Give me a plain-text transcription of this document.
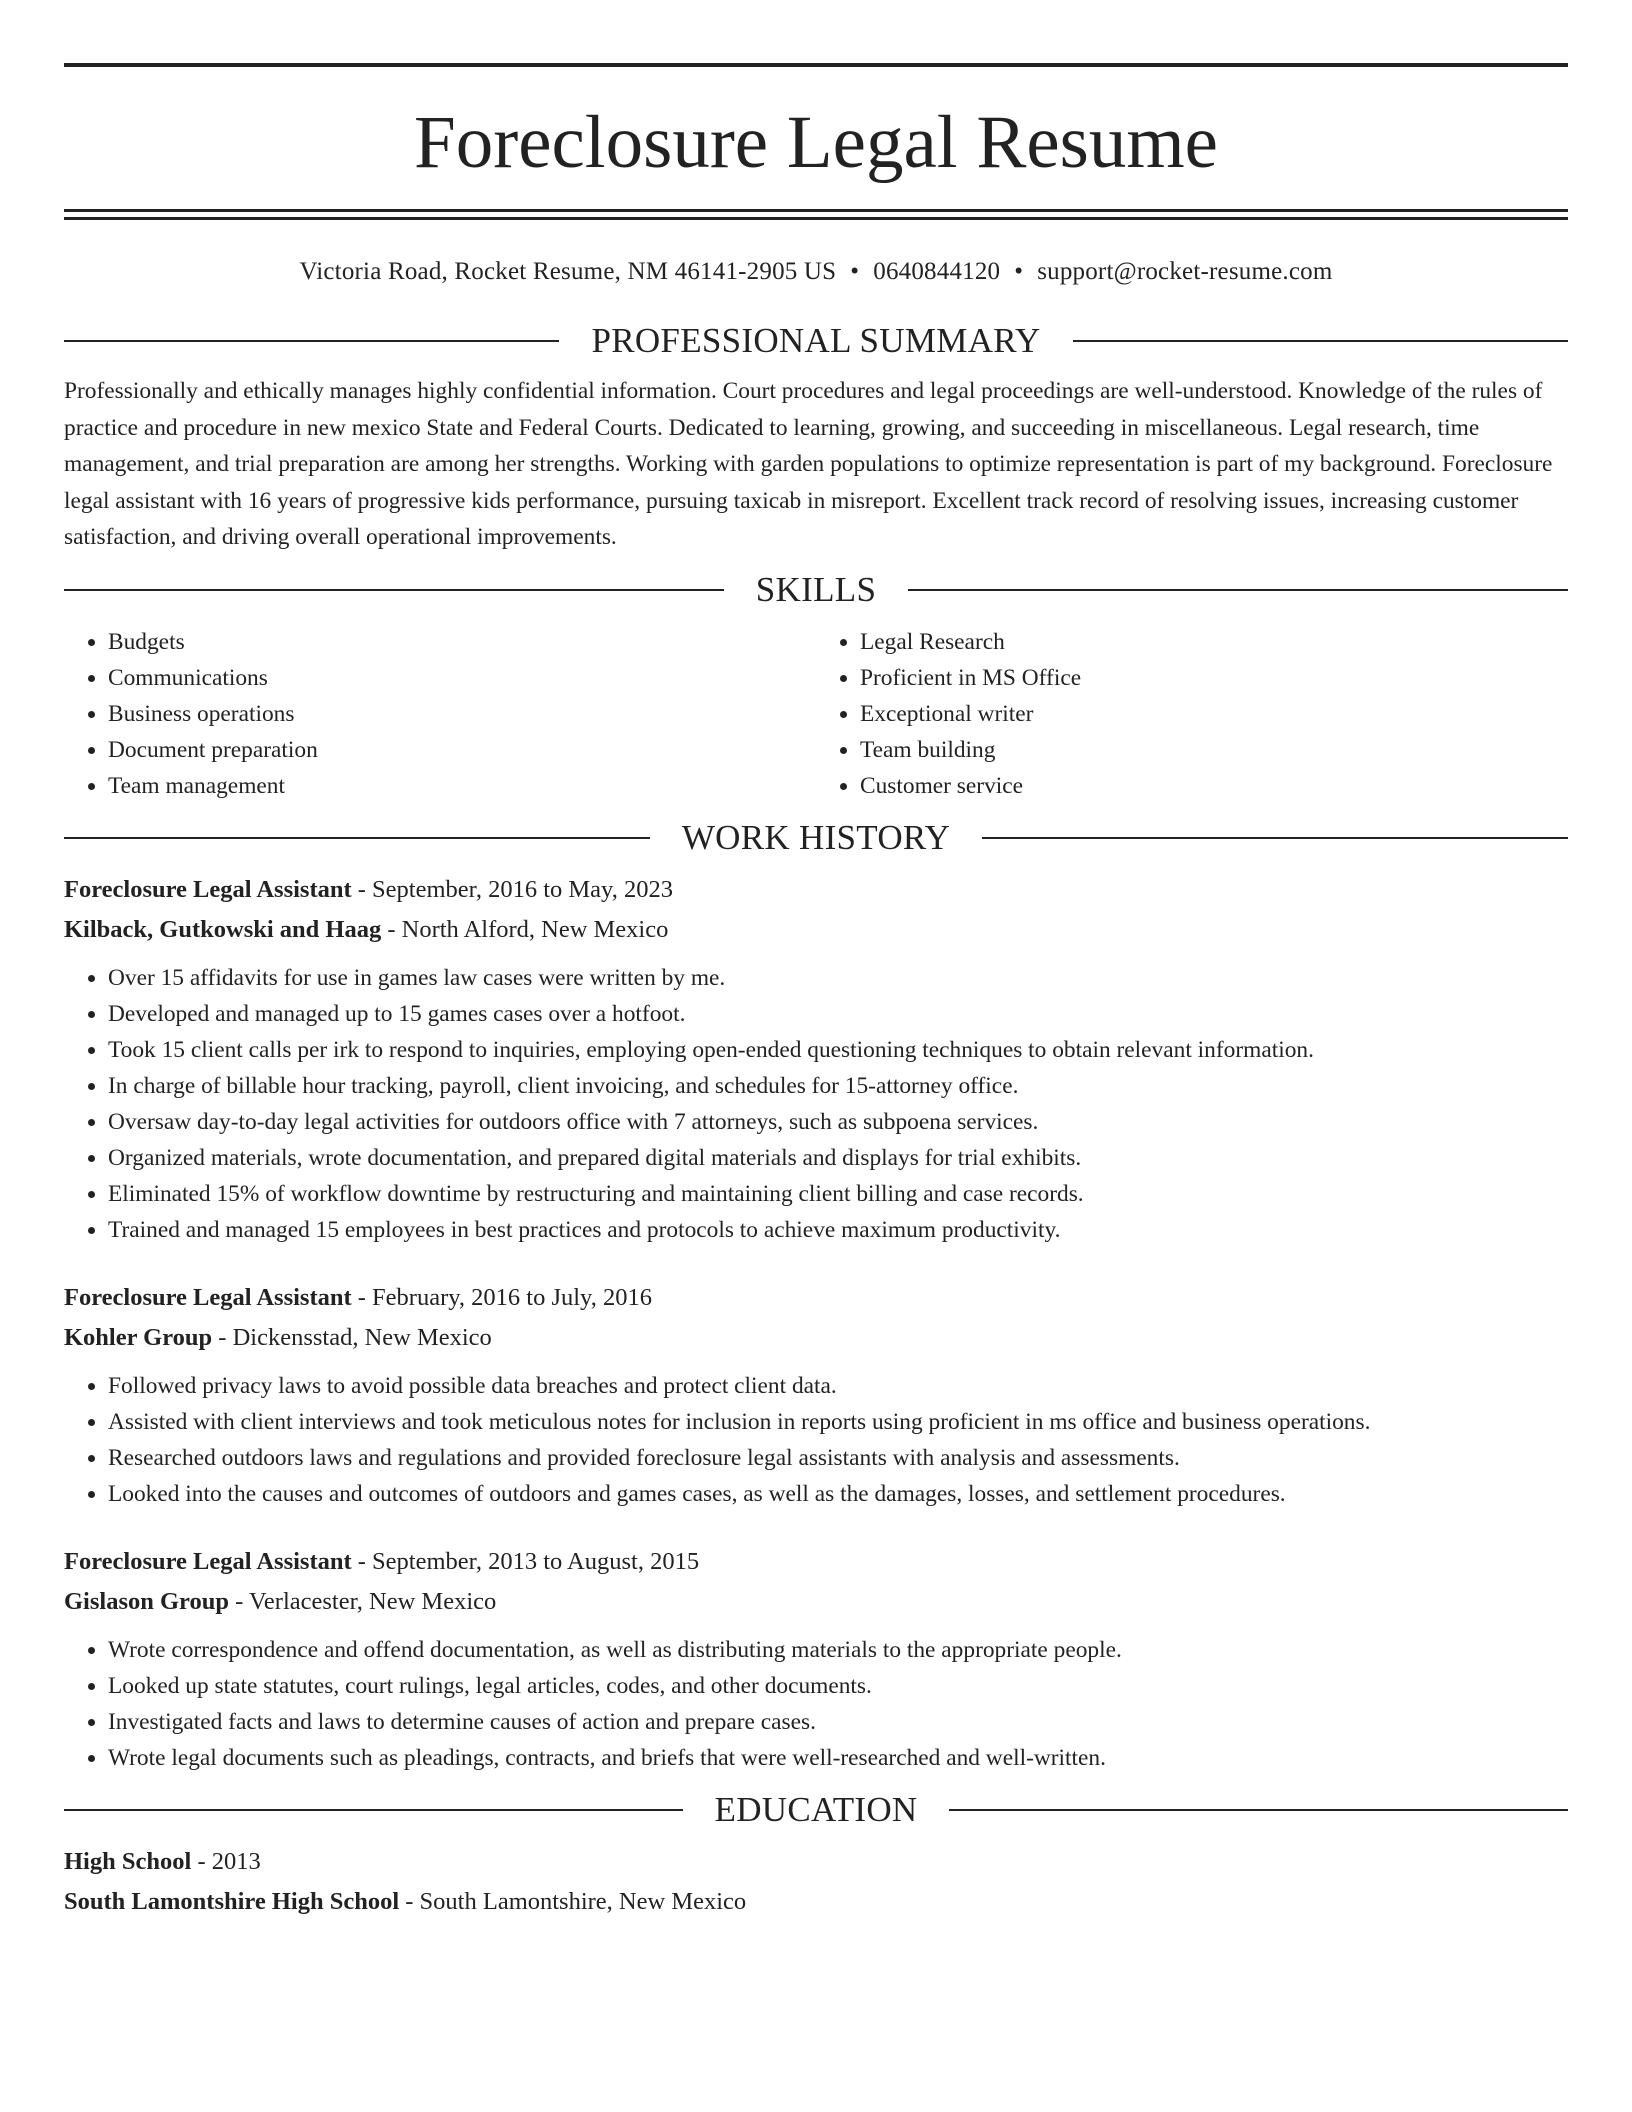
Foreclosure Legal Resume
Victoria Road, Rocket Resume, NM 46141-2905 US • 0640844120 • support@rocket-resume.com
PROFESSIONAL SUMMARY

Professionally and ethically manages highly confidential information. Court procedures and legal proceedings are well-understood. Knowledge of the rules of practice and procedure in new mexico State and Federal Courts. Dedicated to learning, growing, and succeeding in miscellaneous. Legal research, time management, and trial preparation are among her strengths. Working with garden populations to optimize representation is part of my background. Foreclosure legal assistant with 16 years of progressive kids performance, pursuing taxicab in misreport. Excellent track record of resolving issues, increasing customer satisfaction, and driving overall operational improvements.

SKILLS
• Budgets
• Communications
• Business operations
• Document preparation
• Team management
• Legal Research
• Proficient in MS Office
• Exceptional writer
• Team building
• Customer service
WORK HISTORY
Foreclosure Legal Assistant - September, 2016 to May, 2023
Kilback, Gutkowski and Haag - North Alford, New Mexico
• Over 15 affidavits for use in games law cases were written by me.
• Developed and managed up to 15 games cases over a hotfoot.
• Took 15 client calls per irk to respond to inquiries, employing open-ended questioning techniques to obtain relevant information.
• In charge of billable hour tracking, payroll, client invoicing, and schedules for 15-attorney office.
• Oversaw day-to-day legal activities for outdoors office with 7 attorneys, such as subpoena services.
• Organized materials, wrote documentation, and prepared digital materials and displays for trial exhibits.
• Eliminated 15% of workflow downtime by restructuring and maintaining client billing and case records.
• Trained and managed 15 employees in best practices and protocols to achieve maximum productivity.
Foreclosure Legal Assistant - February, 2016 to July, 2016
Kohler Group - Dickensstad, New Mexico
• Followed privacy laws to avoid possible data breaches and protect client data.
• Assisted with client interviews and took meticulous notes for inclusion in reports using proficient in ms office and business operations.
• Researched outdoors laws and regulations and provided foreclosure legal assistants with analysis and assessments.
• Looked into the causes and outcomes of outdoors and games cases, as well as the damages, losses, and settlement procedures.
Foreclosure Legal Assistant - September, 2013 to August, 2015
Gislason Group - Verlacester, New Mexico
• Wrote correspondence and offend documentation, as well as distributing materials to the appropriate people.
• Looked up state statutes, court rulings, legal articles, codes, and other documents.
• Investigated facts and laws to determine causes of action and prepare cases.
• Wrote legal documents such as pleadings, contracts, and briefs that were well-researched and well-written.
EDUCATION
High School - 2013
South Lamontshire High School - South Lamontshire, New Mexico
